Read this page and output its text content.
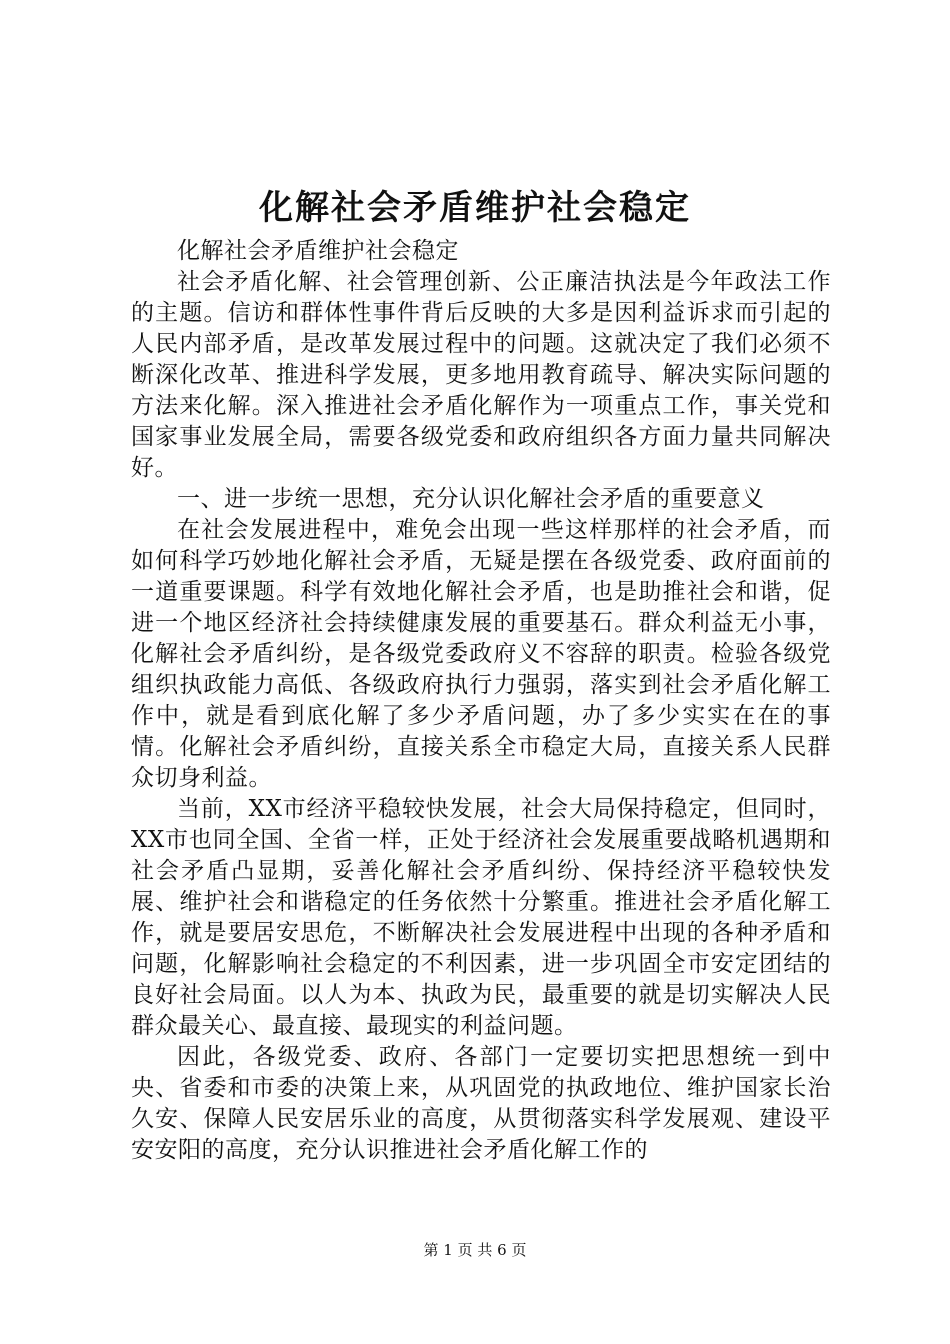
化解社会矛盾维护社会稳定

化解社会矛盾维护社会稳定

社会矛盾化解、社会管理创新、公正廉洁执法是今年政法工作的主题。信访和群体性事件背后反映的大多是因利益诉求而引起的人民内部矛盾，是改革发展过程中的问题。这就决定了我们必须不断深化改革、推进科学发展，更多地用教育疏导、解决实际问题的方法来化解。深入推进社会矛盾化解作为一项重点工作，事关党和国家事业发展全局，需要各级党委和政府组织各方面力量共同解决好。

一、进一步统一思想，充分认识化解社会矛盾的重要意义

在社会发展进程中，难免会出现一些这样那样的社会矛盾，而如何科学巧妙地化解社会矛盾，无疑是摆在各级党委、政府面前的一道重要课题。科学有效地化解社会矛盾，也是助推社会和谐，促进一个地区经济社会持续健康发展的重要基石。群众利益无小事，化解社会矛盾纠纷，是各级党委政府义不容辞的职责。检验各级党组织执政能力高低、各级政府执行力强弱，落实到社会矛盾化解工作中，就是看到底化解了多少矛盾问题，办了多少实实在在的事情。化解社会矛盾纠纷，直接关系全市稳定大局，直接关系人民群众切身利益。

当前，XX市经济平稳较快发展，社会大局保持稳定，但同时，XX市也同全国、全省一样，正处于经济社会发展重要战略机遇期和社会矛盾凸显期，妥善化解社会矛盾纠纷、保持经济平稳较快发展、维护社会和谐稳定的任务依然十分繁重。推进社会矛盾化解工作，就是要居安思危，不断解决社会发展进程中出现的各种矛盾和问题，化解影响社会稳定的不利因素，进一步巩固全市安定团结的良好社会局面。以人为本、执政为民，最重要的就是切实解决人民群众最关心、最直接、最现实的利益问题。

因此，各级党委、政府、各部门一定要切实把思想统一到中央、省委和市委的决策上来，从巩固党的执政地位、维护国家长治久安、保障人民安居乐业的高度，从贯彻落实科学发展观、建设平安安阳的高度，充分认识推进社会矛盾化解工作的

第 1 页 共 6 页
